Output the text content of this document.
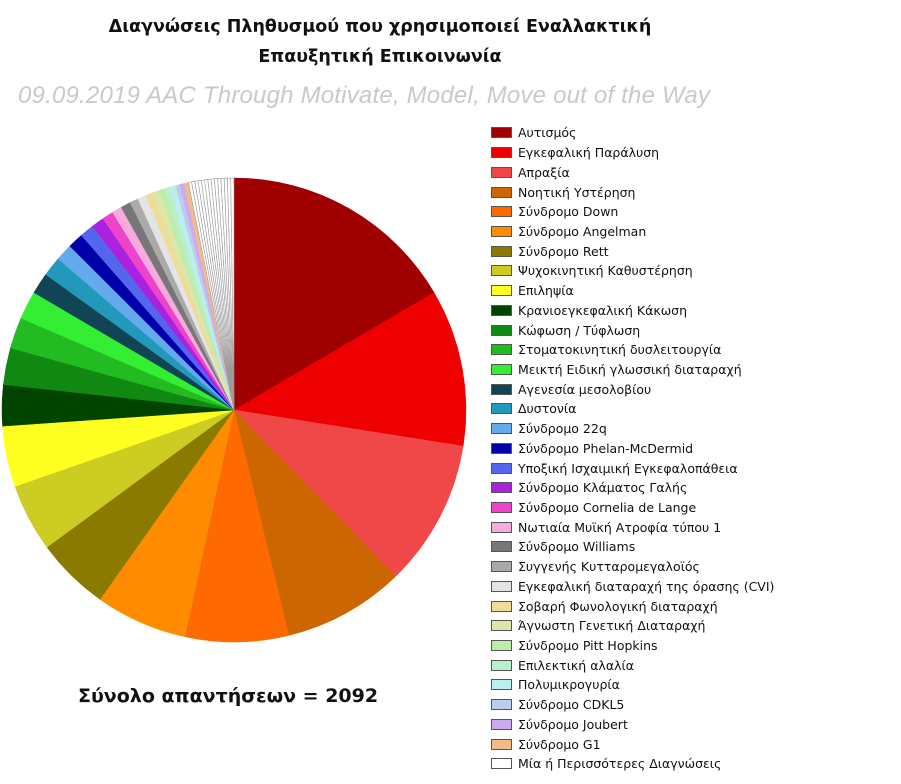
Διαγνώσεις Πληθυσμού που χρησιμοποιεί Εναλλακτική
Επαυξητική Επικοινωνία
09.09.2019 AAC Through Motivate, Model, Move out of the Way
Σύνολο απαντήσεων = 2092
Αυτισμός
Εγκεφαλική Παράλυση
Απραξία
Νοητική Υστέρηση
Σύνδρομο Down
Σύνδρομο Angelman
Σύνδρομο Rett
Ψυχοκινητική Καθυστέρηση
Επιληψία
Κρανιοεγκεφαλική Κάκωση
Κώφωση / Τύφλωση
Στοματοκινητική δυσλειτουργία
Μεικτή Ειδική γλωσσική διαταραχή
Αγενεσία μεσολοβίου
Δυστονία
Σύνδρομο 22q
Σύνδρομο Phelan-McDermid
Υποξική Ισχαιμική Εγκεφαλοπάθεια
Σύνδρομο Κλάματος Γαλής
Σύνδρομο Cornelia de Lange
Νωτιαία Μυϊκή Ατροφία τύπου 1
Σύνδρομο Williams
Συγγενής Κυτταρομεγαλοϊός
Εγκεφαλική διαταραχή της όρασης (CVI)
Σοβαρή Φωνολογική διαταραχή
Άγνωστη Γενετική Διαταραχή
Σύνδρομο Pitt Hopkins
Επιλεκτική αλαλία
Πολυμικρογυρία
Σύνδρομο CDKL5
Σύνδρομο Joubert
Σύνδρομο G1
Μία ή Περισσότερες Διαγνώσεις
